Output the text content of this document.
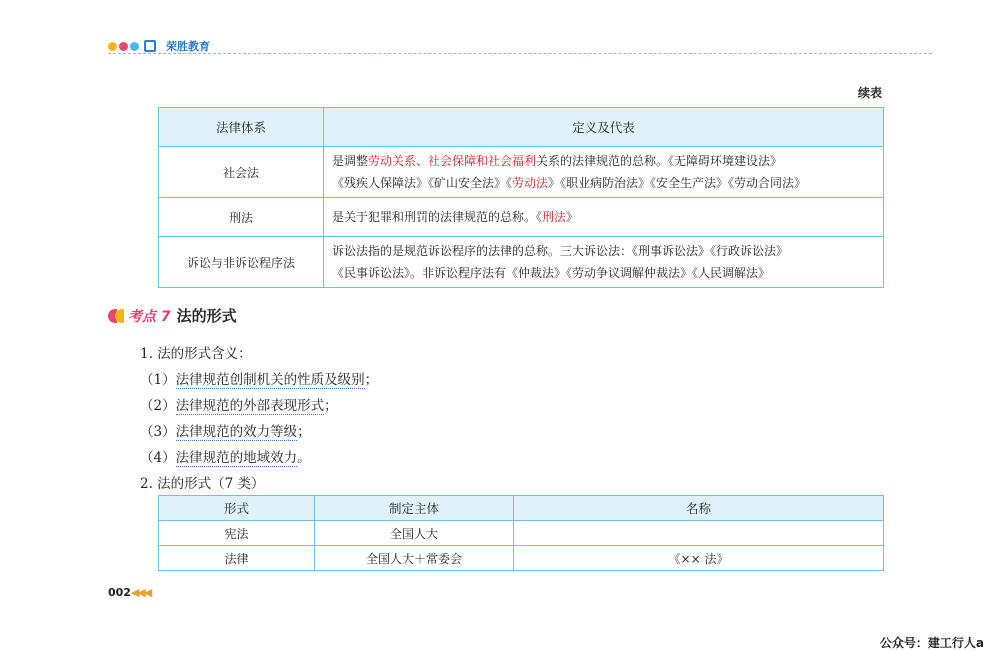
荣胜教育
续表
法律体系	定义及代表
社会法	是调整劳动关系、社会保障和社会福利关系的法律规范的总称。《无障碍环境建设法》
《残疾人保障法》《矿山安全法》《劳动法》《职业病防治法》《安全生产法》《劳动合同法》

刑法	是关于犯罪和刑罚的法律规范的总称。《刑法》

诉讼与非诉讼程序法	诉讼法指的是规范诉讼程序的法律的总称。三大诉讼法：《刑事诉讼法》《行政诉讼法》
《民事诉讼法》。非诉讼程序法有《仲裁法》《劳动争议调解仲裁法》《人民调解法》
考点 7 法的形式
1. 法的形式含义：
（1）法律规范创制机关的性质及级别；
（2）法律规范的外部表现形式；
（3）法律规范的效力等级；
（4）法律规范的地域效力。
2. 法的形式（7 类）
形式	制定主体	名称
宪法	全国人大	
法律	全国人大＋常委会	《×× 法》
002◀◀◀
公众号：建工行人a
